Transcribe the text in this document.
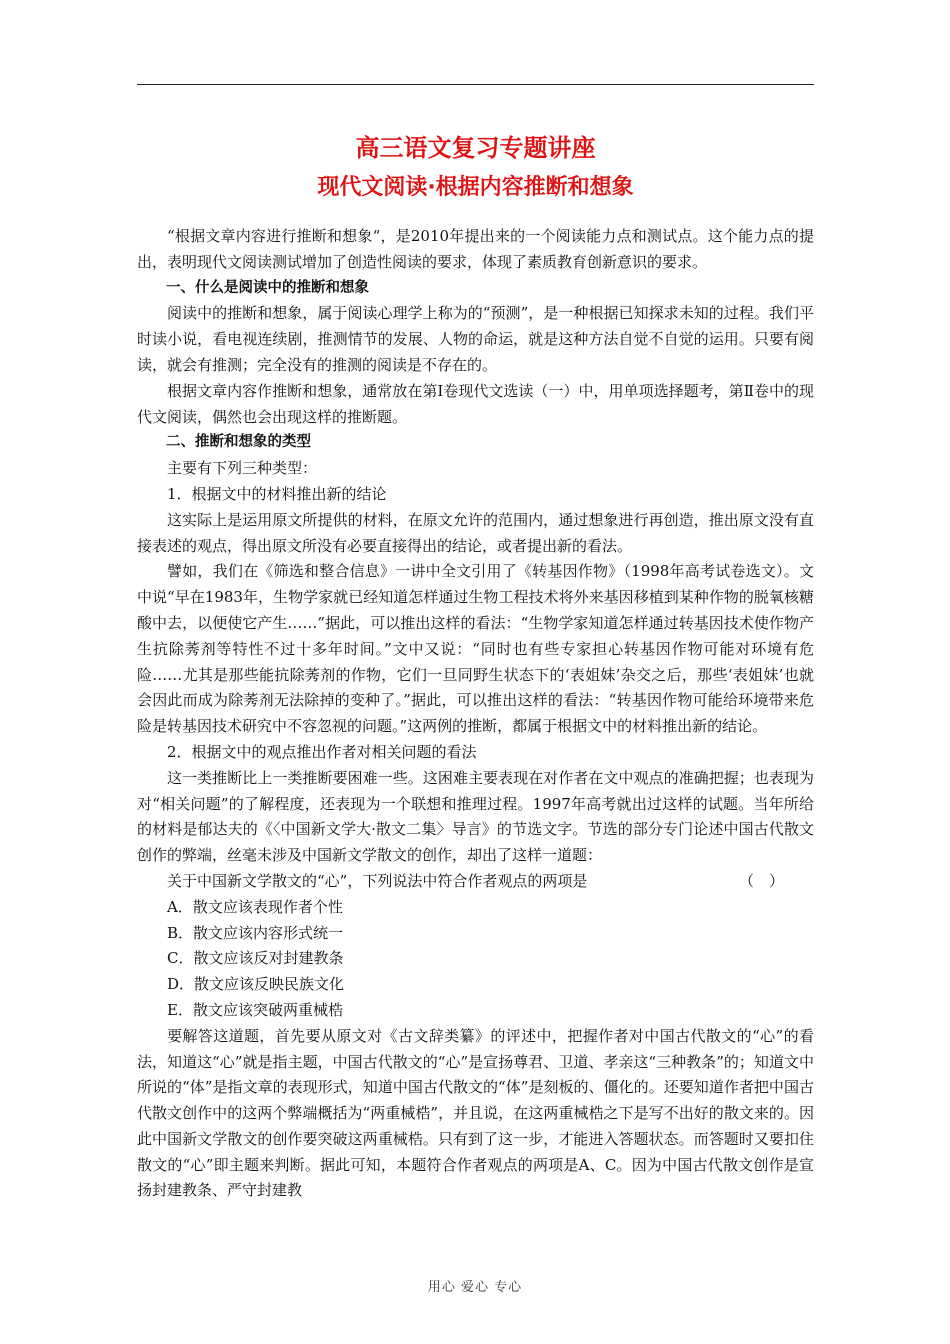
高三语文复习专题讲座
现代文阅读·根据内容推断和想象

“根据文章内容进行推断和想象“，是2010年提出来的一个阅读能力点和测试点。这个能力点的提出，表明现代文阅读测试增加了创造性阅读的要求，体现了素质教育创新意识的要求。

一、什么是阅读中的推断和想象

阅读中的推断和想象，属于阅读心理学上称为的“预测”，是一种根据已知探求未知的过程。我们平时读小说，看电视连续剧，推测情节的发展、人物的命运，就是这种方法自觉不自觉的运用。只要有阅读，就会有推测；完全没有的推测的阅读是不存在的。

根据文章内容作推断和想象，通常放在第Ⅰ卷现代文选读（一）中，用单项选择题考，第Ⅱ卷中的现代文阅读，偶然也会出现这样的推断题。

二、推断和想象的类型

主要有下列三种类型：

1．根据文中的材料推出新的结论

这实际上是运用原文所提供的材料，在原文允许的范围内，通过想象进行再创造，推出原文没有直接表述的观点，得出原文所没有必要直接得出的结论，或者提出新的看法。

譬如，我们在《筛选和整合信息》一讲中全文引用了《转基因作物》（1998年高考试卷选文）。文中说“早在1983年，生物学家就已经知道怎样通过生物工程技术将外来基因移植到某种作物的脱氧核糖酸中去，以便使它产生……”据此，可以推出这样的看法：“生物学家知道怎样通过转基因技术使作物产生抗除莠剂等特性不过十多年时间。”文中又说：“同时也有些专家担心转基因作物可能对环境有危险……尤其是那些能抗除莠剂的作物，它们一旦同野生状态下的‘表姐妹’杂交之后，那些‘表姐妹’也就会因此而成为除莠剂无法除掉的变种了。”据此，可以推出这样的看法：“转基因作物可能给环境带来危险是转基因技术研究中不容忽视的问题。”这两例的推断，都属于根据文中的材料推出新的结论。

2．根据文中的观点推出作者对相关问题的看法

这一类推断比上一类推断要困难一些。这困难主要表现在对作者在文中观点的准确把握；也表现为对“相关问题”的了解程度，还表现为一个联想和推理过程。1997年高考就出过这样的试题。当年所给的材料是郁达夫的《〈中国新文学大·散文二集〉导言》的节选文字。节选的部分专门论述中国古代散文创作的弊端，丝毫未涉及中国新文学散文的创作，却出了这样一道题：

关于中国新文学散文的“心”，下列说法中符合作者观点的两项是	（　）

A．散文应该表现作者个性

B．散文应该内容形式统一

C．散文应该反对封建教条

D．散文应该反映民族文化

E．散文应该突破两重械梏

要解答这道题，首先要从原文对《古文辞类纂》的评述中，把握作者对中国古代散文的“心”的看法，知道这“心”就是指主题，中国古代散文的“心”是宣扬尊君、卫道、孝亲这“三种教条”的；知道文中所说的“体”是指文章的表现形式，知道中国古代散文的“体”是刻板的、僵化的。还要知道作者把中国古代散文创作中的这两个弊端概括为“两重械梏”，并且说，在这两重械梏之下是写不出好的散文来的。因此中国新文学散文的创作要突破这两重械梏。只有到了这一步，才能进入答题状态。而答题时又要扣住散文的“心”即主题来判断。据此可知，本题符合作者观点的两项是A、C。因为中国古代散文创作是宣扬封建教条、严守封建教

用心 爱心 专心
